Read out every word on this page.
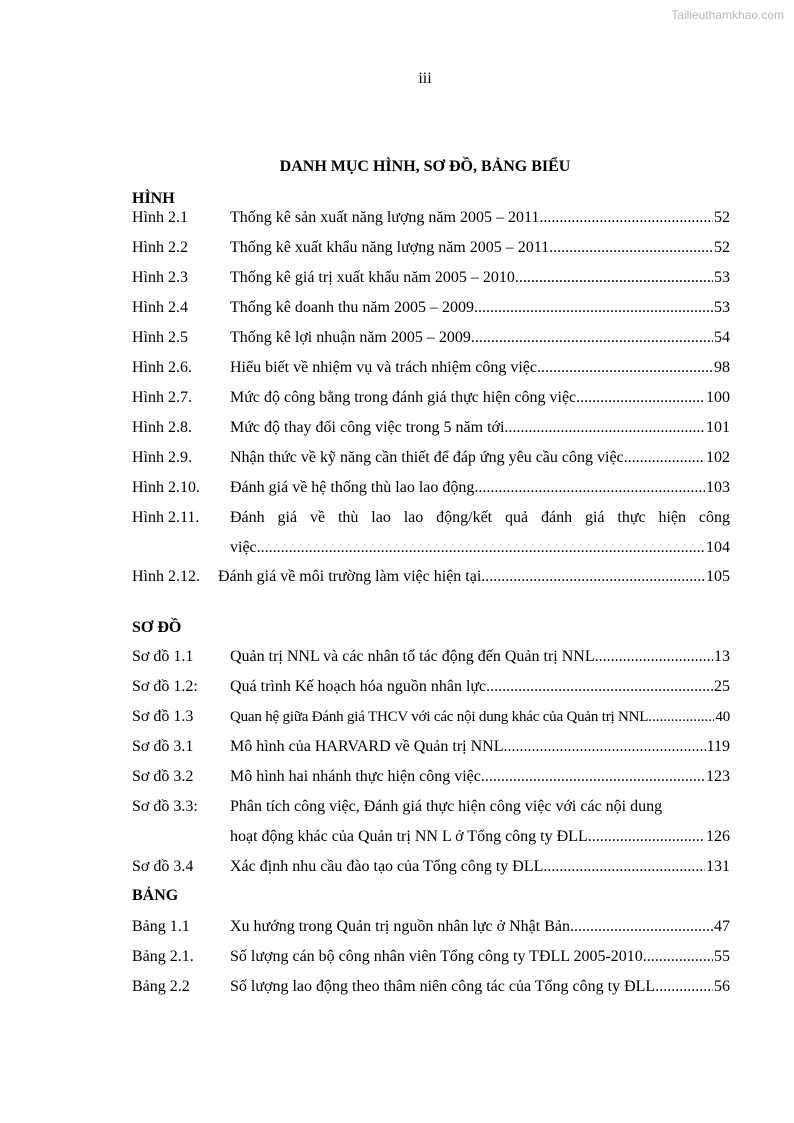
Tailieuthamkhao.com
iii
DANH MỤC HÌNH, SƠ ĐỒ, BẢNG BIỂU
HÌNH
Hình 2.1	Thống kê sản xuất năng lượng năm 2005 – 2011 .....	52
Hình 2.2	Thống kê xuất khẩu năng lượng năm 2005 – 2011 .....	52
Hình 2.3	Thống kê giá trị xuất khẩu năm 2005 – 2010 .....	53
Hình 2.4	Thống kê doanh thu năm 2005 – 2009 .....	53
Hình 2.5	Thống kê lợi nhuận năm 2005 – 2009 .....	54
Hình 2.6. Hiểu biết về nhiệm vụ và trách nhiệm công việc .....	98
Hình 2.7. Mức độ công bằng trong đánh giá thực hiện công việc .....	100
Hình 2.8. Mức độ thay đổi công việc trong 5 năm tới .....	101
Hình 2.9. Nhận thức về kỹ năng cần thiết để đáp ứng yêu cầu công việc .....	102
Hình 2.10. Đánh giá về hệ thống thù lao lao động .....	103
Hình 2.11. Đánh giá về thù lao lao động/kết quả đánh giá thực hiện công
việc .....	104
Hình 2.12. Đánh giá về môi trường làm việc hiện tại .....	105
SƠ ĐỒ
Sơ đồ 1.1 Quản trị NNL và các nhân tố tác động đến Quản trị NNL .....	13
Sơ đồ 1.2: Quá trình Kế hoạch hóa nguồn nhân lực .....	25
Sơ đồ 1.3 Quan hệ giữa Đánh giá THCV với các nội dung khác của Quản trị NNL .....	40
Sơ đồ 3.1 Mô hình của HARVARD về Quản trị NNL .....	119
Sơ đồ 3.2 Mô hình hai nhánh thực hiện công việc .....	123
Sơ đồ 3.3: Phân tích công việc, Đánh giá thực hiện công việc với các nội dung
hoạt động khác của Quản trị NN L ở Tổng công ty ĐLL .....	126
Sơ đồ 3.4 Xác định nhu cầu đào tạo của Tổng công ty ĐLL .....	131
BẢNG
Bảng 1.1	Xu hướng trong Quản trị nguồn nhân lực ở Nhật Bản .....	47
Bảng 2.1. Số lượng cán bộ công nhân viên Tổng công ty TĐLL 2005-2010 .....	55
Bảng 2.2	Số lượng lao động theo thâm niên công tác của Tổng công ty ĐLL .....	56
